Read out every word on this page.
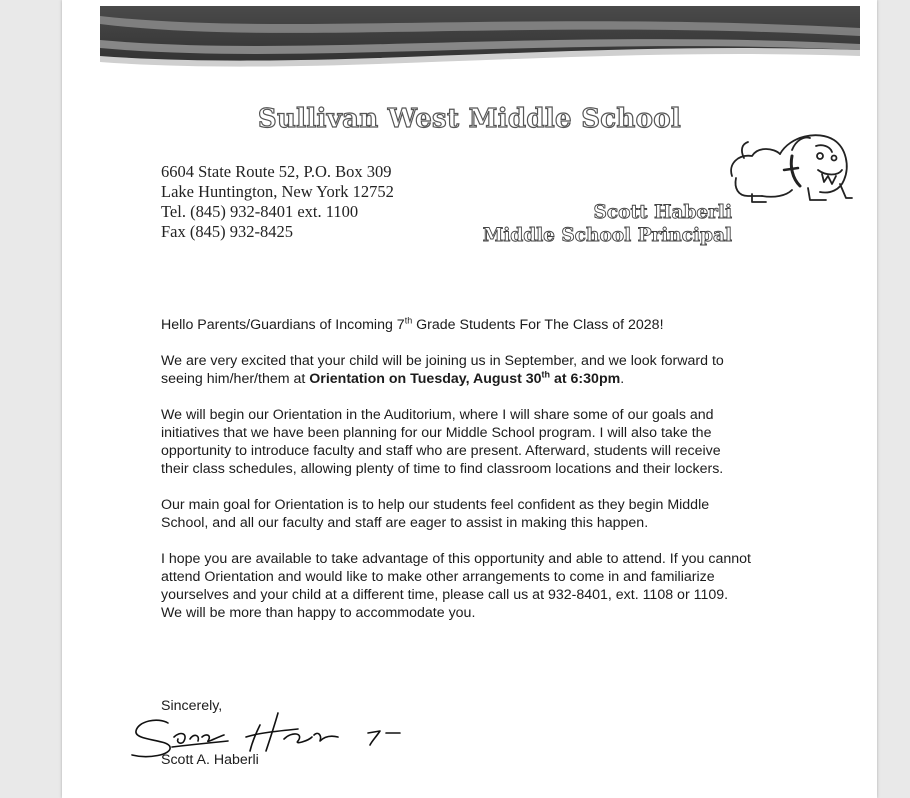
Sullivan West Middle School
6604 State Route 52, P.O. Box 309
Lake Huntington, New York 12752
Tel. (845) 932-8401 ext. 1100
Fax (845) 932-8425
Scott Haberli
Middle School Principal

Hello Parents/Guardians of Incoming 7th Grade Students For The Class of 2028!

We are very excited that your child will be joining us in September, and we look forward to seeing him/her/them at Orientation on Tuesday, August 30th at 6:30pm.

We will begin our Orientation in the Auditorium, where I will share some of our goals and initiatives that we have been planning for our Middle School program. I will also take the opportunity to introduce faculty and staff who are present. Afterward, students will receive their class schedules, allowing plenty of time to find classroom locations and their lockers.

Our main goal for Orientation is to help our students feel confident as they begin Middle School, and all our faculty and staff are eager to assist in making this happen.

I hope you are available to take advantage of this opportunity and able to attend. If you cannot attend Orientation and would like to make other arrangements to come in and familiarize yourselves and your child at a different time, please call us at 932-8401, ext. 1108 or 1109. We will be more than happy to accommodate you.

Sincerely,
Scott A. Haberli
